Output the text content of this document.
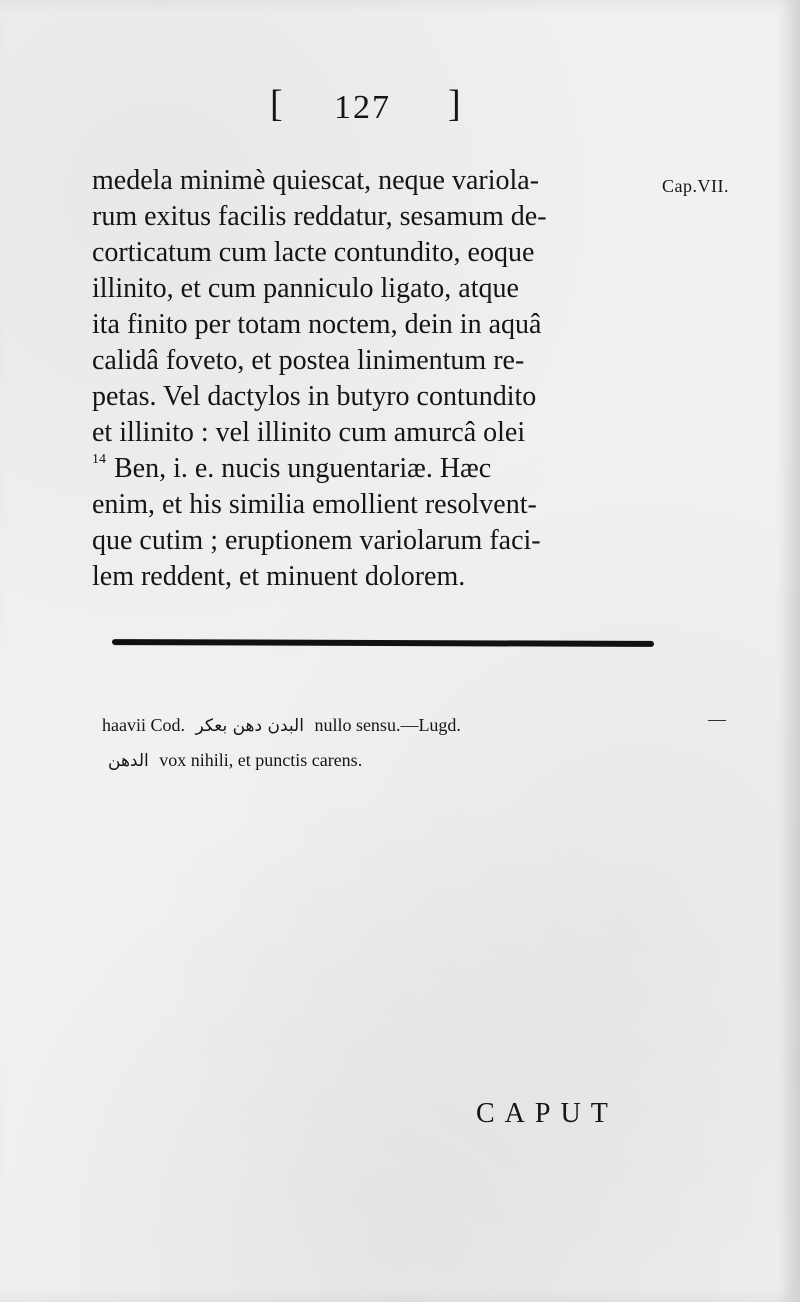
[ 127 ]
Cap.VII.
medela minimè quiescat, neque variola-
rum exitus facilis reddatur, sesamum de-
corticatum cum lacte contundito, eoque
illinito, et cum panniculo ligato, atque
ita finito per totam noctem, dein in aquâ
calidâ foveto, et postea linimentum re-
petas. Vel dactylos in butyro contundito
et illinito : vel illinito cum amurcâ olei
14 Ben, i. e. nucis unguentariæ. Hæc
enim, et his similia emollient resolvent-
que cutim ; eruptionem variolarum faci-
lem reddent, et minuent dolorem.
haavii Cod. البدن دهن بعكر nullo sensu.—Lugd.
الدهن vox nihili, et punctis carens.
—
CAPUT
